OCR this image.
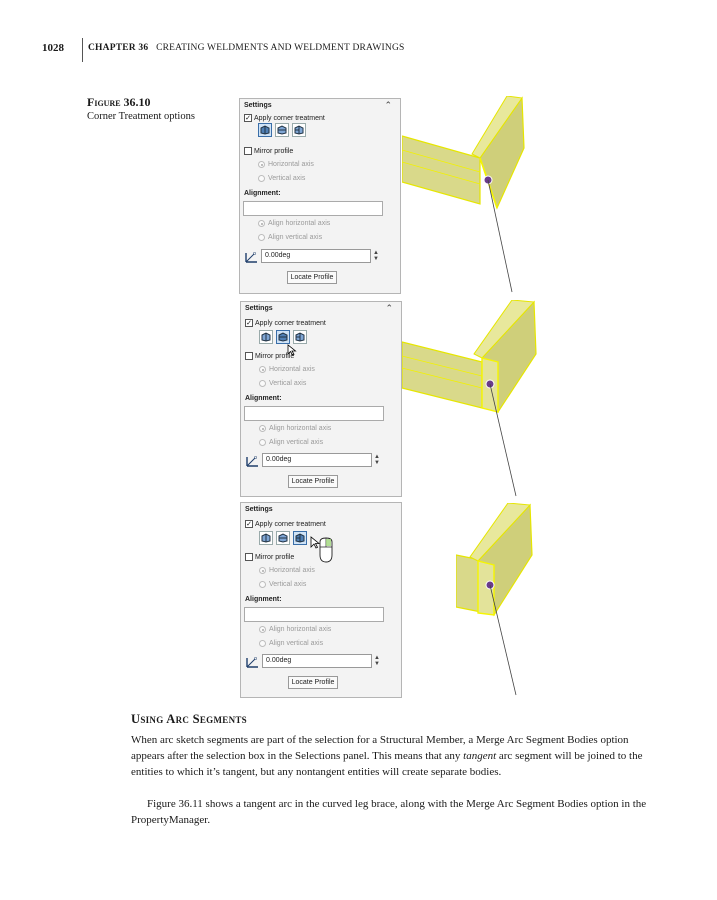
1028	CHAPTER 36 CREATING WELDMENTS AND WELDMENT DRAWINGS
Figure 36.10
Corner Treatment options
Settings	⌃
✓ Apply corner treatment
Mirror profile
Horizontal axis
Vertical axis
Alignment:
Align horizontal axis
Align vertical axis
o	0.00deg	▲
▼
Locate Profile
Settings	⌃
✓ Apply corner treatment
Mirror profile
Horizontal axis
Vertical axis
Alignment:
Align horizontal axis
Align vertical axis
o	0.00deg	▲
▼
Locate Profile
Settings
✓ Apply corner treatment
Mirror profile
Horizontal axis
Vertical axis
Alignment:
Align horizontal axis
Align vertical axis
o	0.00deg	▲
▼
Locate Profile
Using Arc Segments
When arc sketch segments are part of the selection for a Structural Member, a Merge Arc Segment Bodies option appears after the selection box in the Selections panel. This means that any tangent arc segment will be joined to the entities to which it’s tangent, but any nontangent entities will create separate bodies.
Figure 36.11 shows a tangent arc in the curved leg brace, along with the Merge Arc Segment Bodies option in the PropertyManager.
